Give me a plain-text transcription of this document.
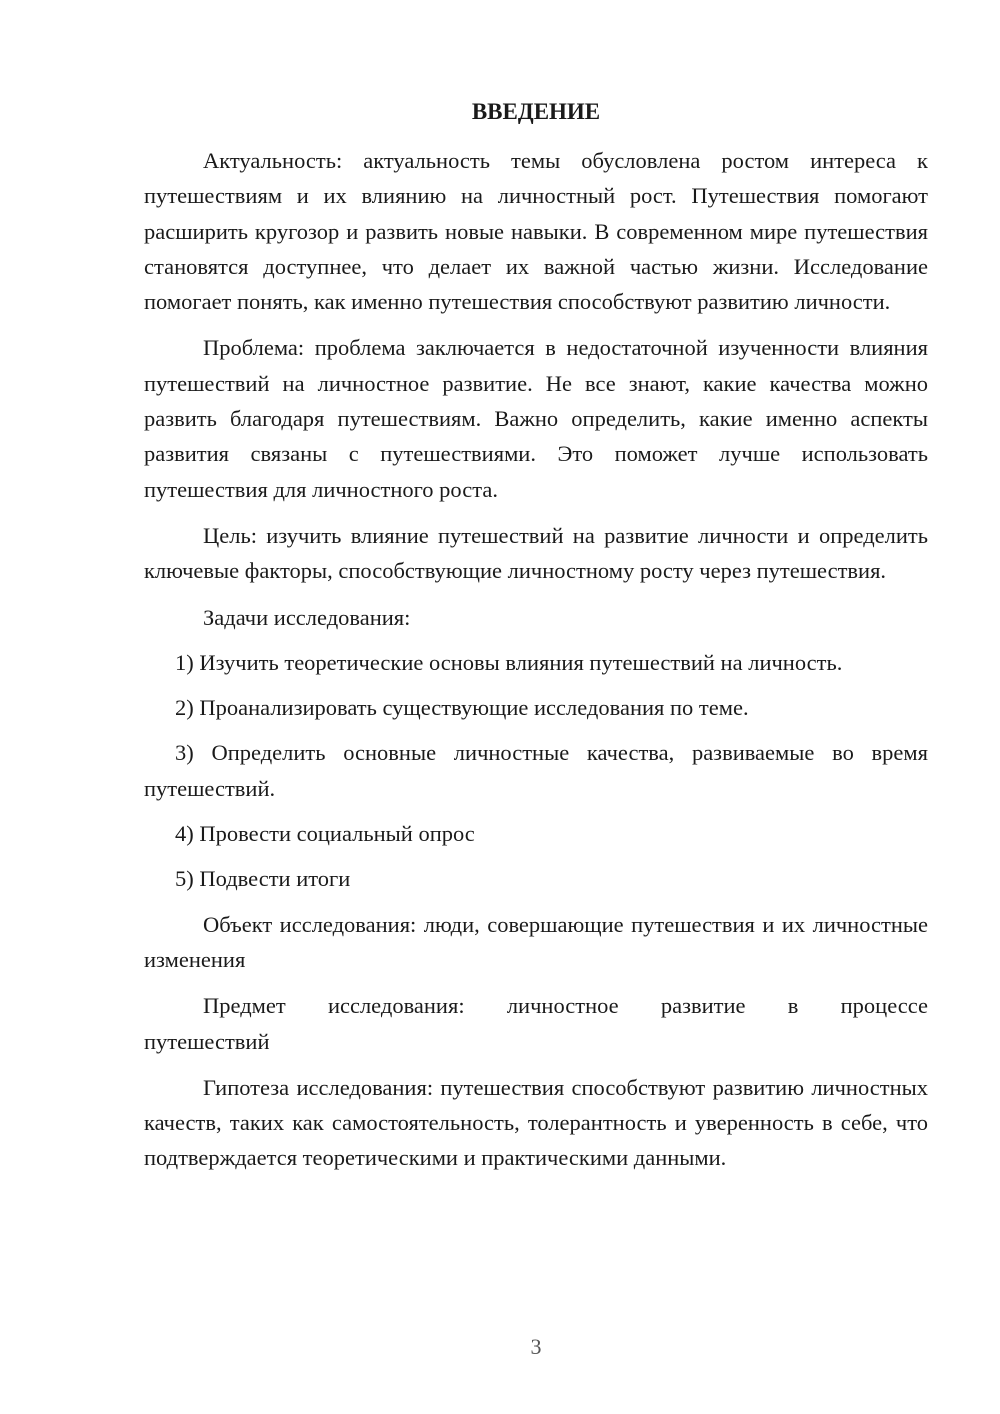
ВВЕДЕНИЕ

Актуальность: актуальность темы обусловлена ростом интереса к путешествиям и их влиянию на личностный рост. Путешествия помогают расширить кругозор и развить новые навыки. В современном мире путешествия становятся доступнее, что делает их важной частью жизни. Исследование помогает понять, как именно путешествия способствуют развитию личности.

Проблема: проблема заключается в недостаточной изученности влияния путешествий на личностное развитие. Не все знают, какие качества можно развить благодаря путешествиям. Важно определить, какие именно аспекты развития связаны с путешествиями. Это поможет лучше использовать путешествия для личностного роста.

Цель: изучить влияние путешествий на развитие личности и определить ключевые факторы, способствующие личностному росту через путешествия.

Задачи исследования:

1) Изучить теоретические основы влияния путешествий на личность.

2) Проанализировать существующие исследования по теме.

3) Определить основные личностные качества, развиваемые во время путешествий.

4) Провести социальный опрос

5) Подвести итоги

Объект исследования: люди, совершающие путешествия и их личностные изменения

Предмет исследования: личностное развитие в процессе
путешествий

Гипотеза исследования: путешествия способствуют развитию личностных качеств, таких как самостоятельность, толерантность и уверенность в себе, что подтверждается теоретическими и практическими данными.

3
